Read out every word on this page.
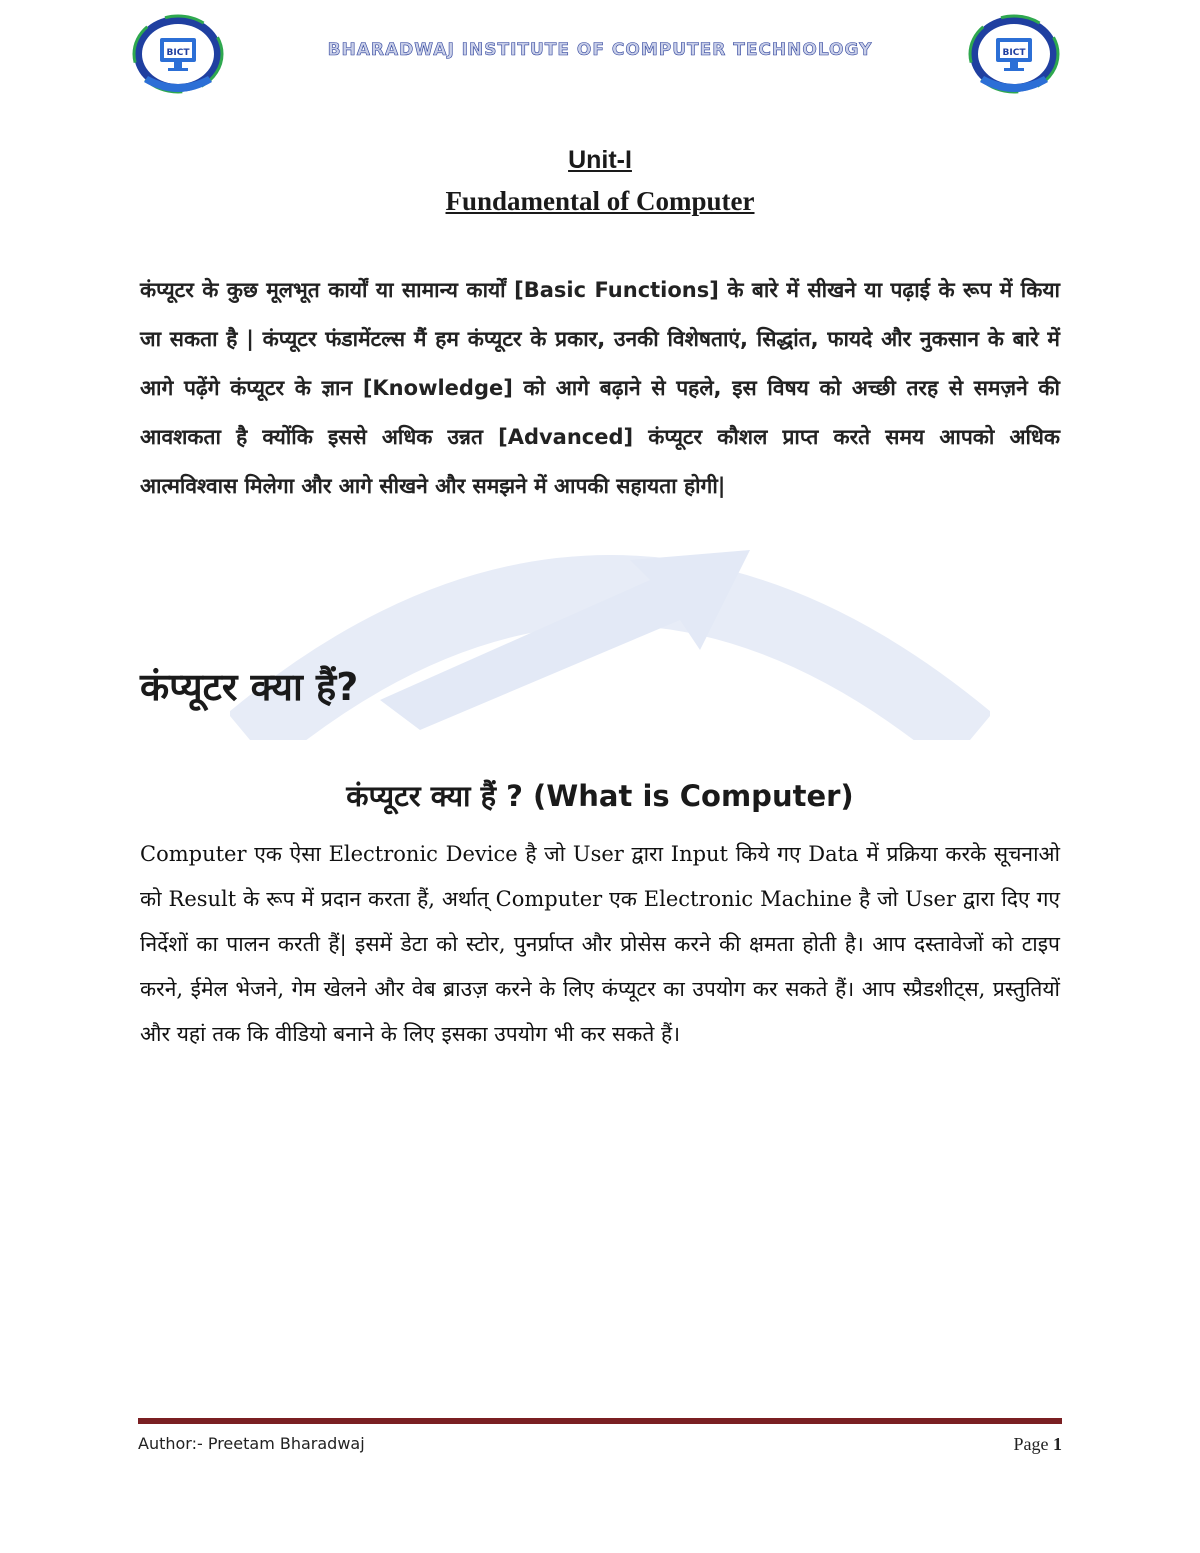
BICT	BHARADWAJ INSTITUTE OF COMPUTER TECHNOLOGY	BICT
Unit-I
Fundamental of Computer
कंप्यूटर के कुछ मूलभूत कार्यों या सामान्य कार्यों [Basic Functions] के बारे में सीखने या पढ़ाई के रूप में किया जा सकता है | कंप्यूटर फंडामेंटल्स मैं हम कंप्यूटर के प्रकार, उनकी विशेषताएं, सिद्धांत, फायदे और नुकसान के बारे में आगे पढ़ेंगे कंप्यूटर के ज्ञान [Knowledge] को आगे बढ़ाने से पहले, इस विषय को अच्छी तरह से समज़ने की आवशकता है क्योंकि इससे अधिक उन्नत [Advanced] कंप्यूटर कौशल प्राप्त करते समय आपको अधिक आत्मविश्वास मिलेगा और आगे सीखने और समझने में आपकी सहायता होगी|
कंप्यूटर क्या हैं?
कंप्यूटर क्या हैं ? (What is Computer)
Computer एक ऐसा Electronic Device है जो User द्वारा Input किये गए Data में प्रक्रिया करके सूचनाओ को Result के रूप में प्रदान करता हैं, अर्थात् Computer एक Electronic Machine है जो User द्वारा दिए गए निर्देशों का पालन करती हैं| इसमें डेटा को स्टोर, पुनर्प्राप्त और प्रोसेस करने की क्षमता होती है। आप दस्तावेजों को टाइप करने, ईमेल भेजने, गेम खेलने और वेब ब्राउज़ करने के लिए कंप्यूटर का उपयोग कर सकते हैं। आप स्प्रैडशीट्स, प्रस्तुतियों और यहां तक कि वीडियो बनाने के लिए इसका उपयोग भी कर सकते हैं।
Author:- Preetam Bharadwaj	Page 1
